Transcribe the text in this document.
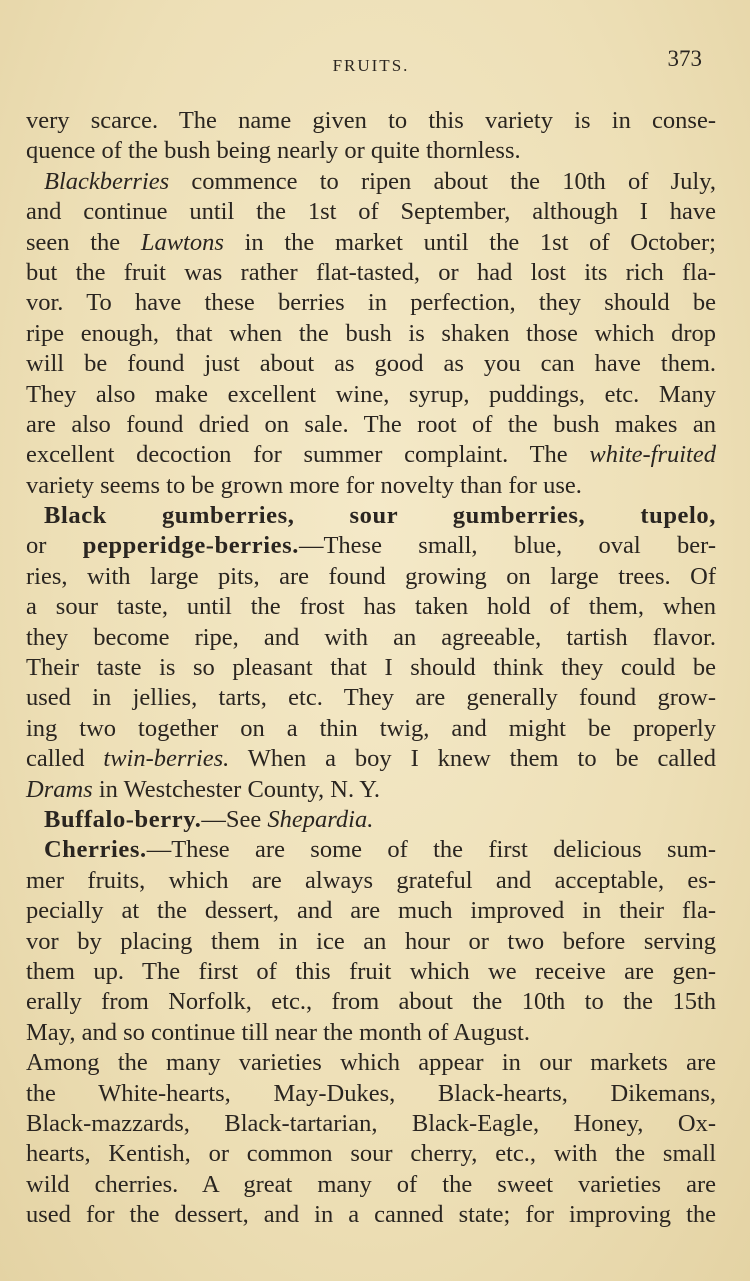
FRUITS.	373
very scarce. The name given to this variety is in conse-
quence of the bush being nearly or quite thornless.
Blackberries commence to ripen about the 10th of July,
and continue until the 1st of September, although I have
seen the Lawtons in the market until the 1st of October;
but the fruit was rather flat-tasted, or had lost its rich fla-
vor. To have these berries in perfection, they should be
ripe enough, that when the bush is shaken those which drop
will be found just about as good as you can have them.
They also make excellent wine, syrup, puddings, etc. Many
are also found dried on sale. The root of the bush makes an
excellent decoction for summer complaint. The white-fruited
variety seems to be grown more for novelty than for use.
Black gumberries, sour gumberries, tupelo,
or pepperidge-berries.—These small, blue, oval ber-
ries, with large pits, are found growing on large trees. Of
a sour taste, until the frost has taken hold of them, when
they become ripe, and with an agreeable, tartish flavor.
Their taste is so pleasant that I should think they could be
used in jellies, tarts, etc. They are generally found grow-
ing two together on a thin twig, and might be properly
called twin-berries. When a boy I knew them to be called
Drams in Westchester County, N. Y.
Buffalo-berry.—See Shepardia.
Cherries.—These are some of the first delicious sum-
mer fruits, which are always grateful and acceptable, es-
pecially at the dessert, and are much improved in their fla-
vor by placing them in ice an hour or two before serving
them up. The first of this fruit which we receive are gen-
erally from Norfolk, etc., from about the 10th to the 15th
May, and so continue till near the month of August.
Among the many varieties which appear in our markets are
the White-hearts, May-Dukes, Black-hearts, Dikemans,
Black-mazzards, Black-tartarian, Black-Eagle, Honey, Ox-
hearts, Kentish, or common sour cherry, etc., with the small
wild cherries. A great many of the sweet varieties are
used for the dessert, and in a canned state; for improving the
